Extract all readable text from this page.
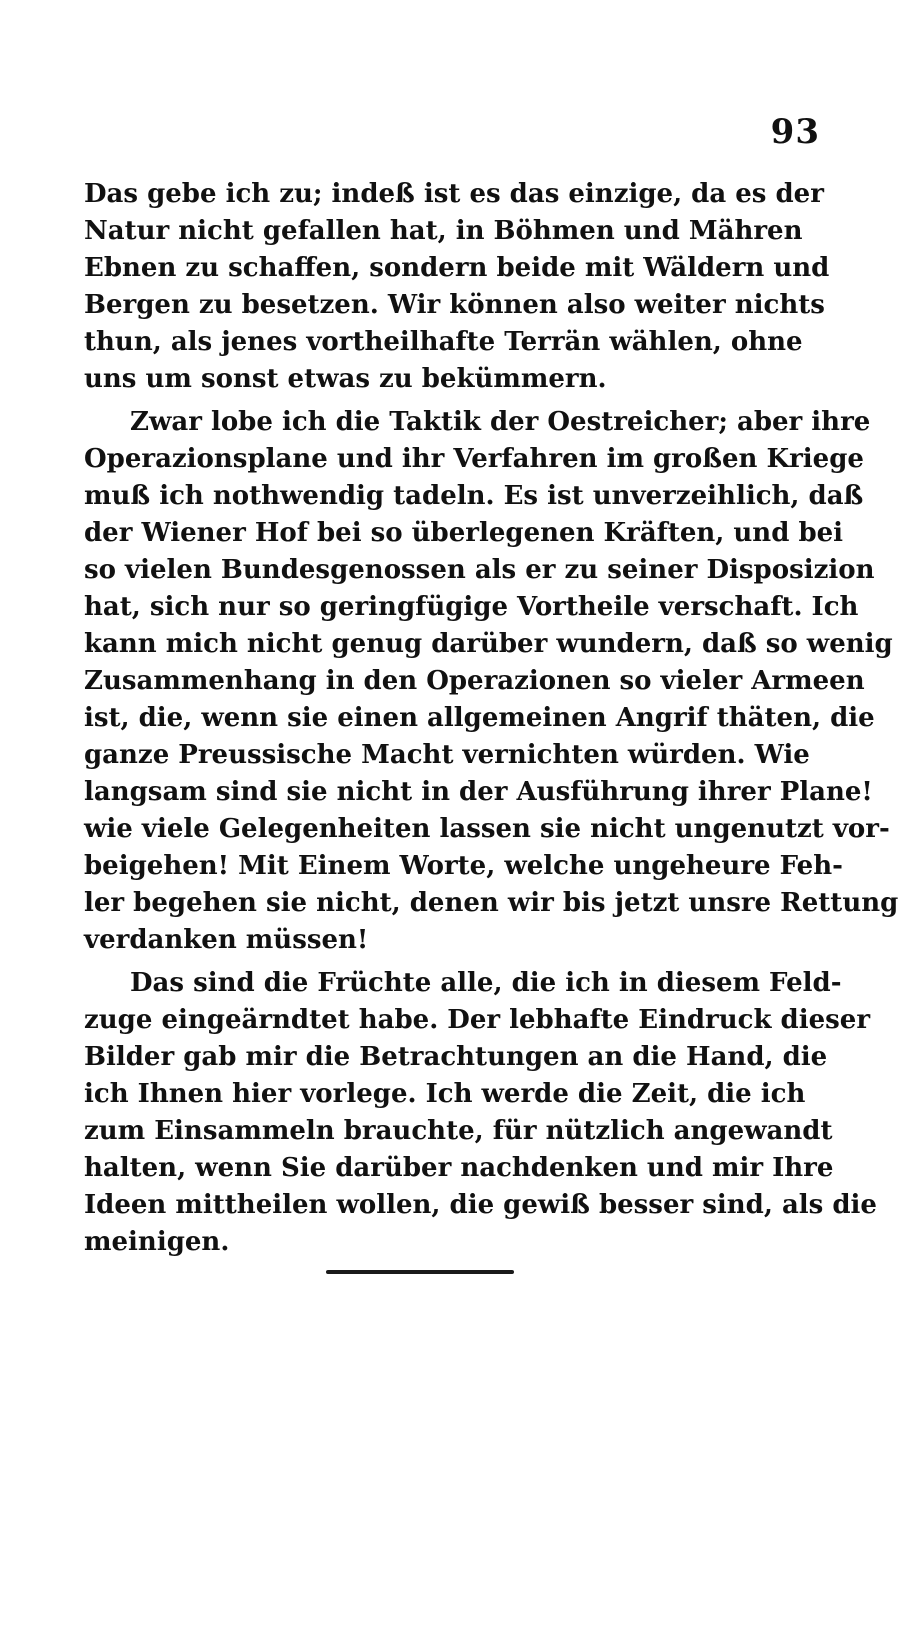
93
Das gebe ich zu; indeß ist es das einzige, da es der
Natur nicht gefallen hat, in Böhmen und Mähren
Ebnen zu schaffen, sondern beide mit Wäldern und
Bergen zu besetzen. Wir können also weiter nichts
thun, als jenes vortheilhafte Terrän wählen, ohne
uns um sonst etwas zu bekümmern.
Zwar lobe ich die Taktik der Oestreicher; aber ihre
Operazionsplane und ihr Verfahren im großen Kriege
muß ich nothwendig tadeln. Es ist unverzeihlich, daß
der Wiener Hof bei so überlegenen Kräften, und bei
so vielen Bundesgenossen als er zu seiner Disposizion
hat, sich nur so geringfügige Vortheile verschaft. Ich
kann mich nicht genug darüber wundern, daß so wenig
Zusammenhang in den Operazionen so vieler Armeen
ist, die, wenn sie einen allgemeinen Angrif thäten, die
ganze Preussische Macht vernichten würden. Wie
langsam sind sie nicht in der Ausführung ihrer Plane!
wie viele Gelegenheiten lassen sie nicht ungenutzt vor-
beigehen! Mit Einem Worte, welche ungeheure Feh-
ler begehen sie nicht, denen wir bis jetzt unsre Rettung
verdanken müssen!
Das sind die Früchte alle, die ich in diesem Feld-
zuge eingeärndtet habe. Der lebhafte Eindruck dieser
Bilder gab mir die Betrachtungen an die Hand, die
ich Ihnen hier vorlege. Ich werde die Zeit, die ich
zum Einsammeln brauchte, für nützlich angewandt
halten, wenn Sie darüber nachdenken und mir Ihre
Ideen mittheilen wollen, die gewiß besser sind, als die
meinigen.
